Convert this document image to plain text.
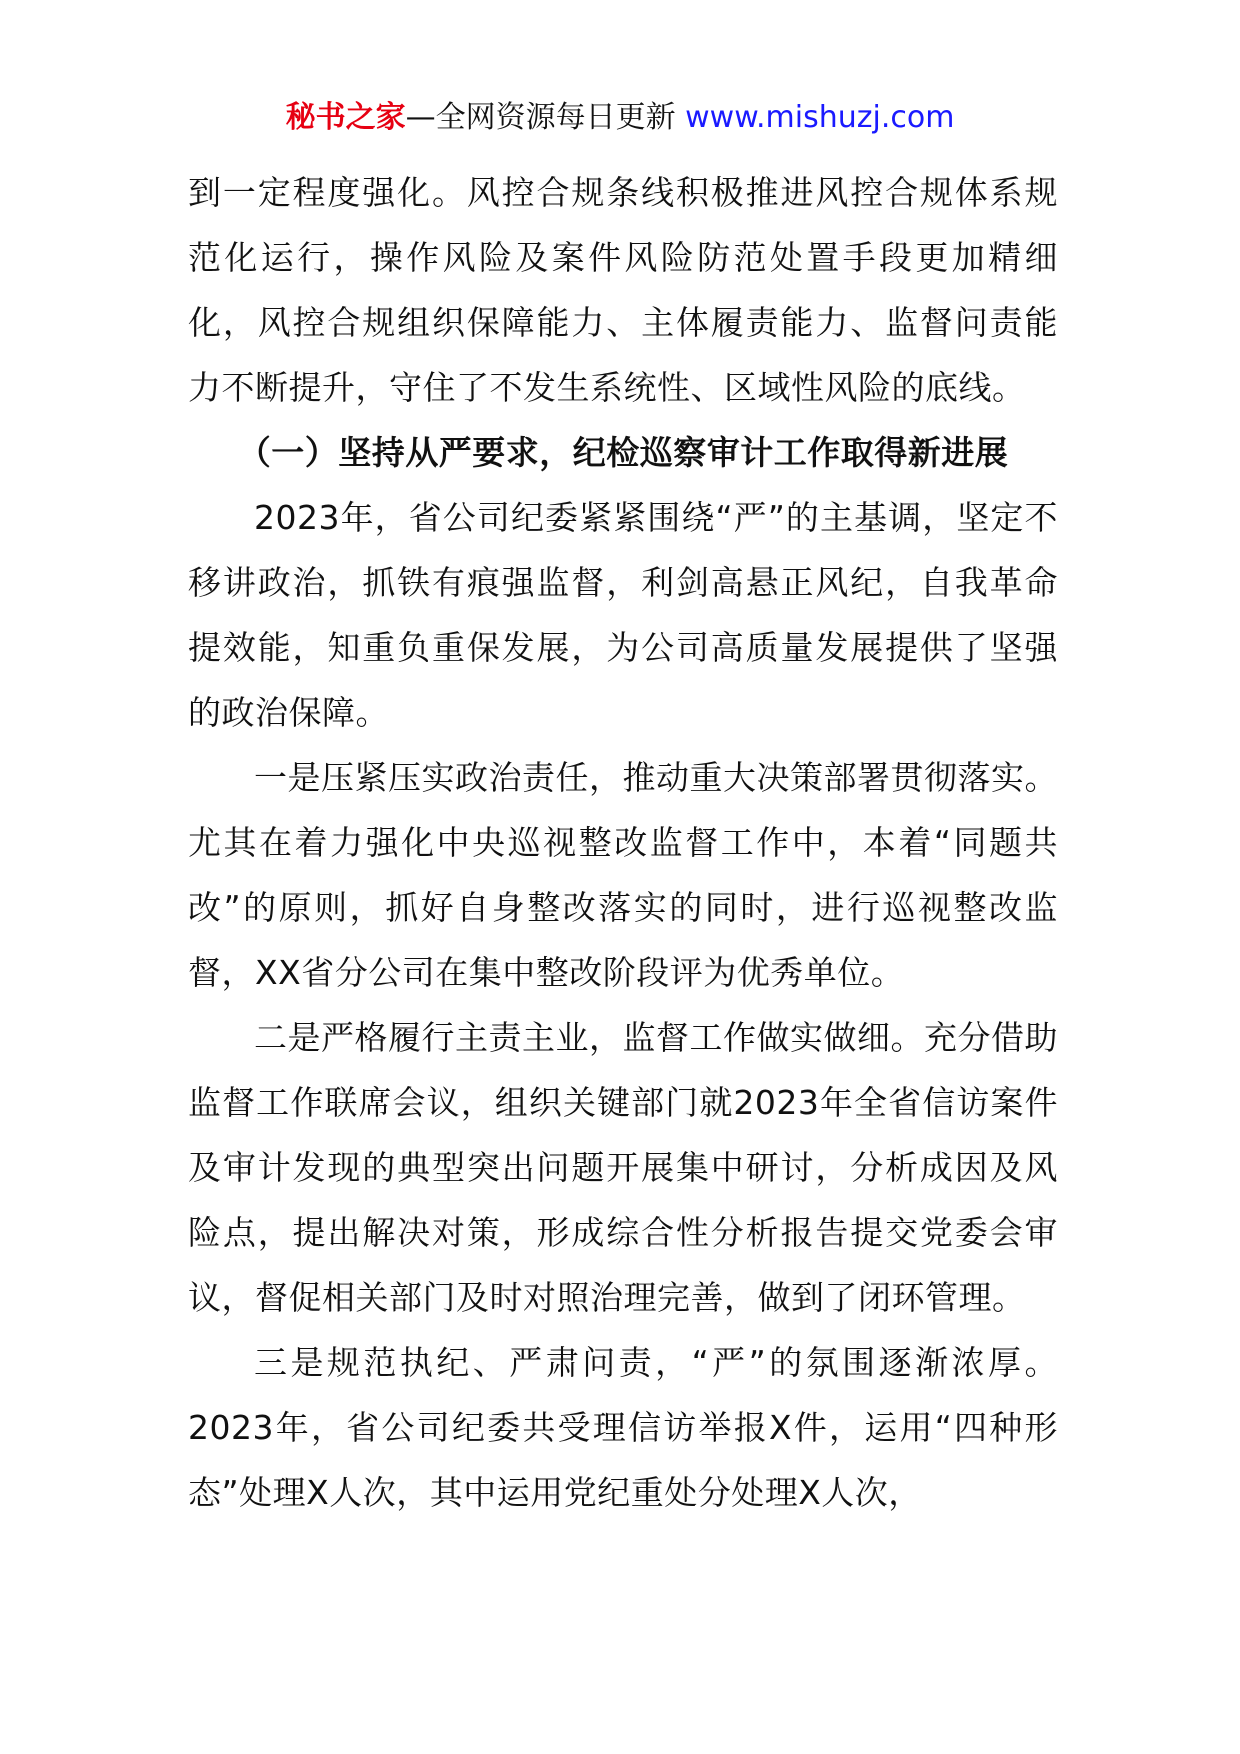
秘书之家—全网资源每日更新 www.mishuzj.com

到一定程度强化。风控合规条线积极推进风控合规体系规范化运行，操作风险及案件风险防范处置手段更加精细化，风控合规组织保障能力、主体履责能力、监督问责能力不断提升，守住了不发生系统性、区域性风险的底线。

（一）坚持从严要求，纪检巡察审计工作取得新进展

2023年，省公司纪委紧紧围绕“严”的主基调，坚定不移讲政治，抓铁有痕强监督，利剑高悬正风纪，自我革命提效能，知重负重保发展，为公司高质量发展提供了坚强的政治保障。

一是压紧压实政治责任，推动重大决策部署贯彻落实。尤其在着力强化中央巡视整改监督工作中，本着“同题共改”的原则，抓好自身整改落实的同时，进行巡视整改监督，XX省分公司在集中整改阶段评为优秀单位。

二是严格履行主责主业，监督工作做实做细。充分借助监督工作联席会议，组织关键部门就2023年全省信访案件及审计发现的典型突出问题开展集中研讨，分析成因及风险点，提出解决对策，形成综合性分析报告提交党委会审议，督促相关部门及时对照治理完善，做到了闭环管理。

三是规范执纪、严肃问责，“严”的氛围逐渐浓厚。2023年，省公司纪委共受理信访举报X件，运用“四种形态”处理X人次，其中运用党纪重处分处理X人次，
